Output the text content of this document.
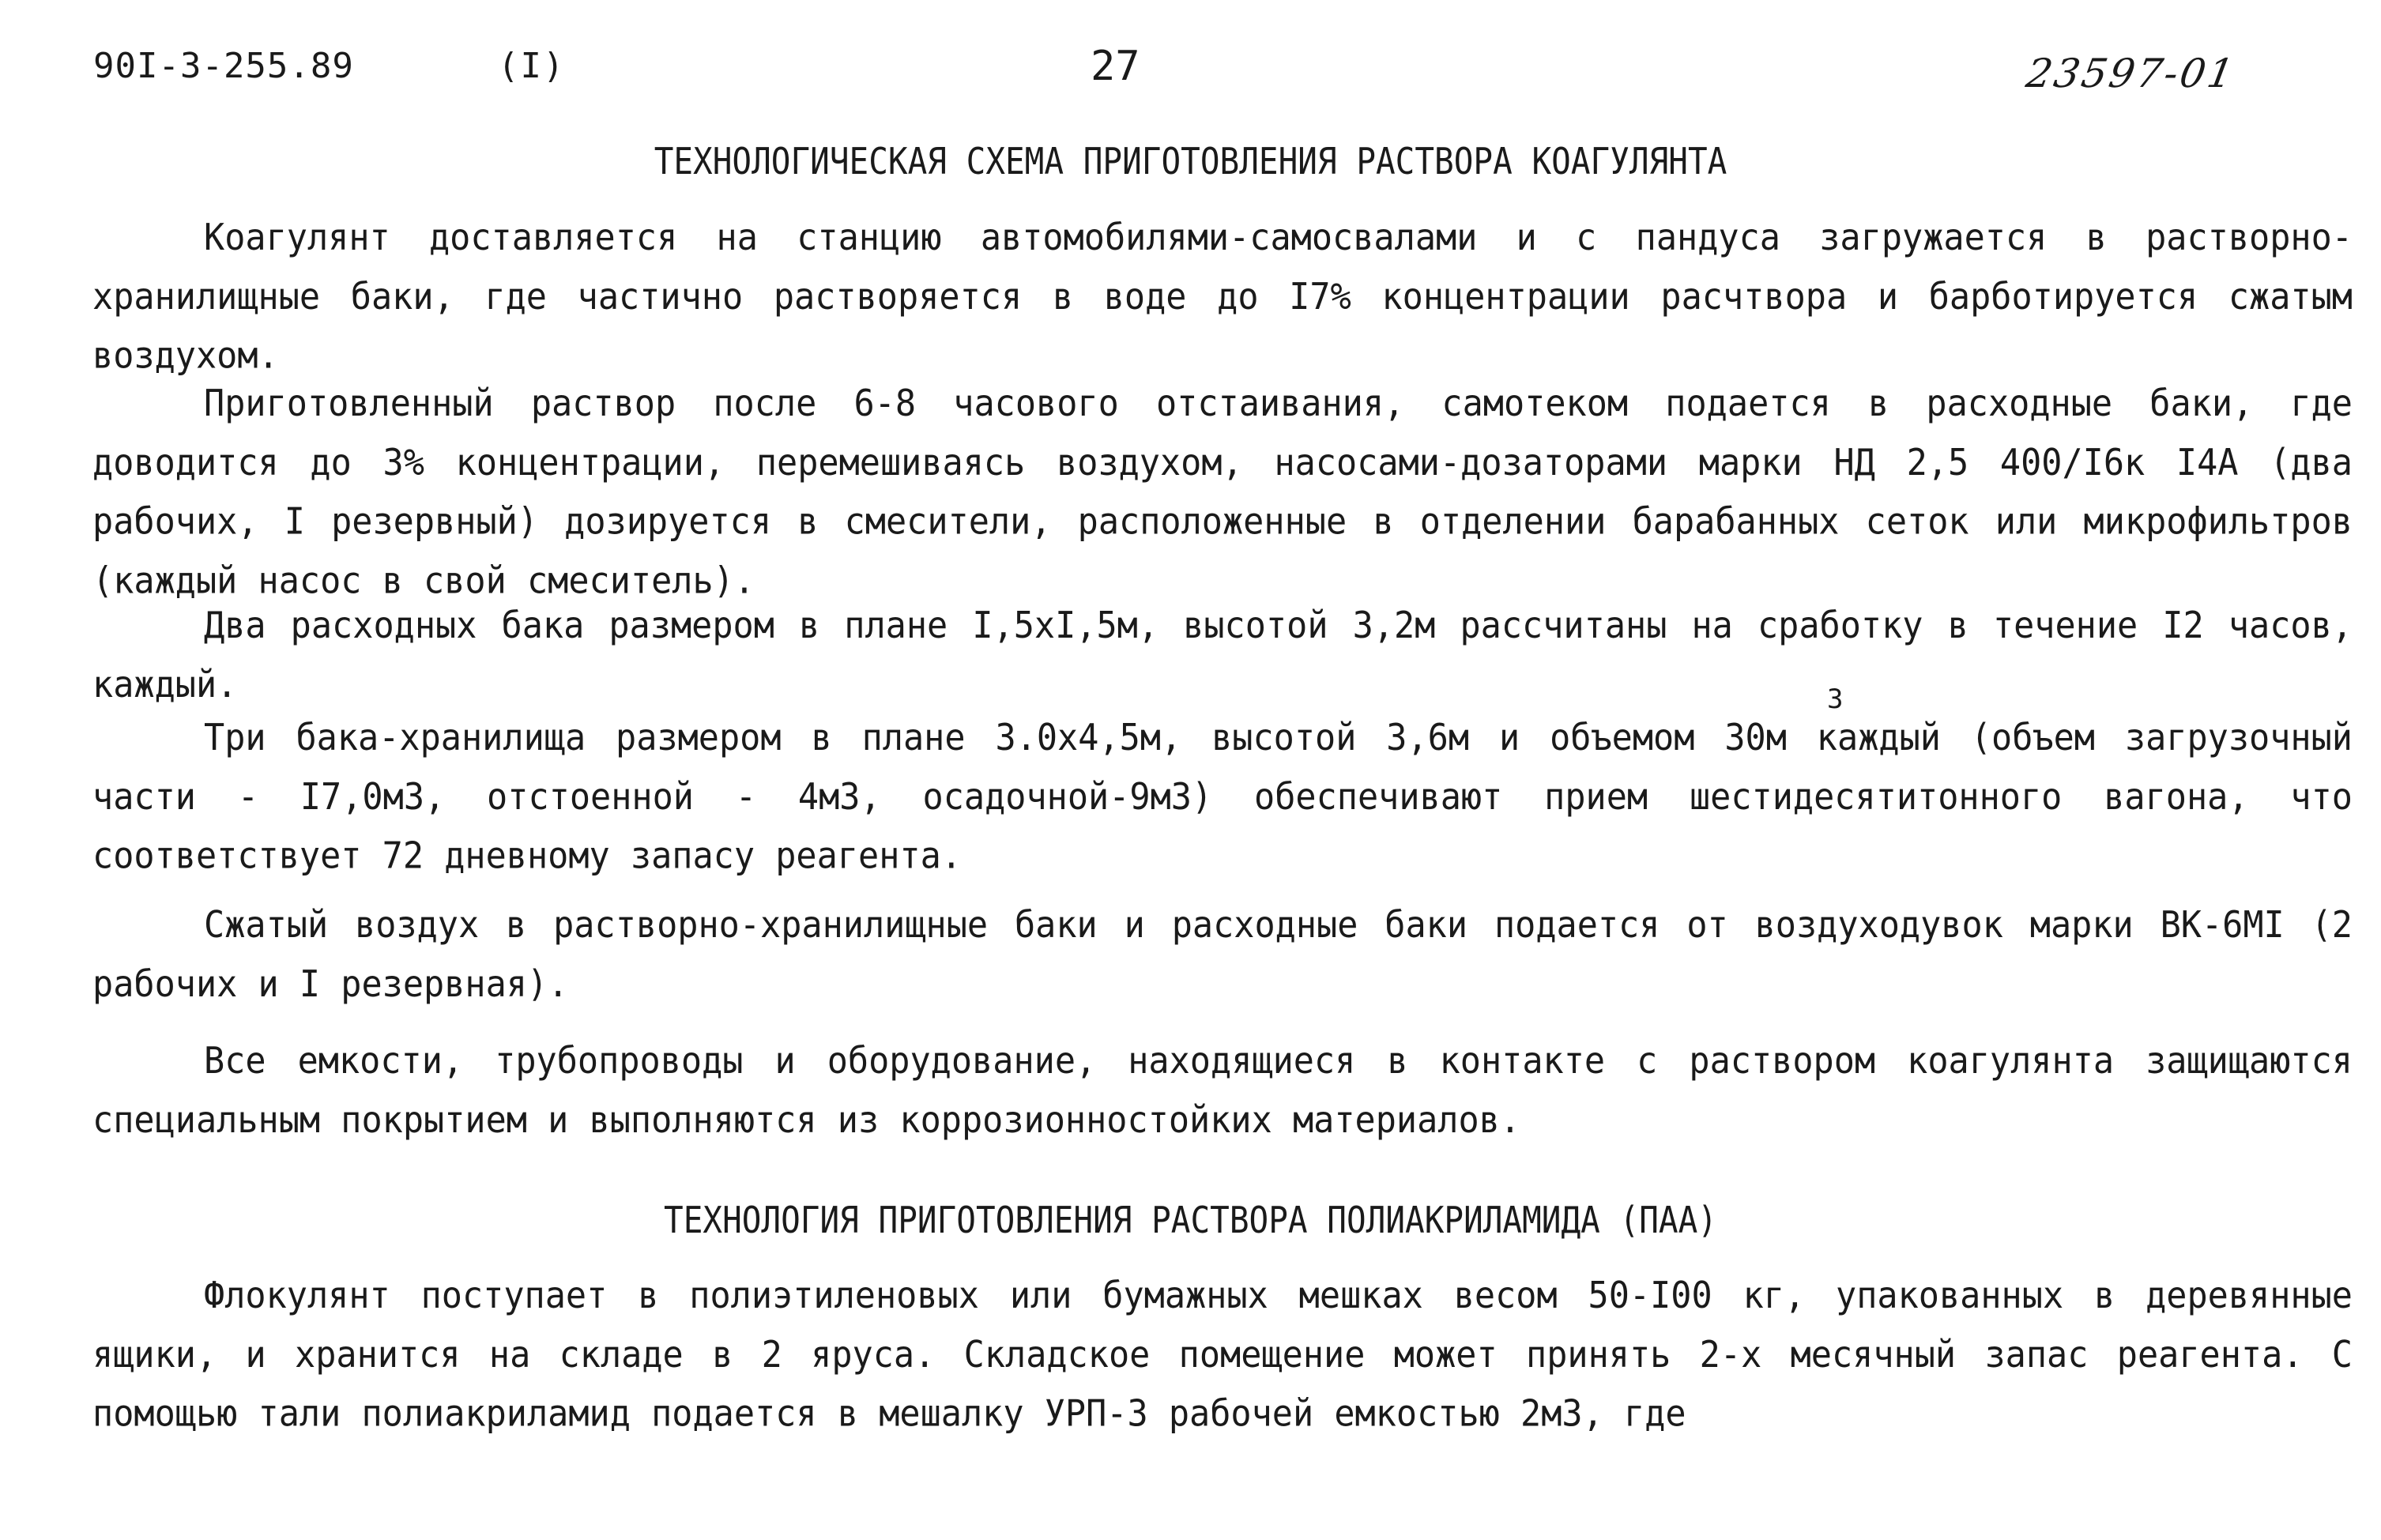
90I-3-255.89	(I)	27	23597-01
ТЕХНОЛОГИЧЕСКАЯ СХЕМА ПРИГОТОВЛЕНИЯ РАСТВОРА КОАГУЛЯНТА

Коагулянт доставляется на станцию автомобилями-самосвалами и с пандуса загружается в растворно-хранилищные баки, где частично растворяется в воде до I7% концентрации расчтвора и барботируется сжатым воздухом.

Приготовленный раствор после 6-8 часового отстаивания, самотеком подается в расходные баки, где доводится до 3% концентрации, перемешиваясь воздухом, насосами-дозаторами марки НД 2,5 400/I6к I4А (два рабочих, I резервный) дозируется в смесители, расположенные в отделении барабанных сеток или микрофильтров (каждый насос в свой смеситель).

Два расходных бака размером в плане I,5хI,5м, высотой 3,2м рассчитаны на сработку в течение I2 часов, каждый.	3

Три бака-хранилища размером в плане 3.0х4,5м, высотой 3,6м и объемом 30м каждый (объем загрузочный части - I7,0м3, отстоенной - 4м3, осадочной-9м3) обеспечивают прием шестидесятитонного вагона, что соответствует 72 дневному запасу реагента.

Сжатый воздух в растворно-хранилищные баки и расходные баки подается от воздуходувок марки ВК-6МI (2 рабочих и I резервная).

Все емкости, трубопроводы и оборудование, находящиеся в контакте с раствором коагулянта защищаются специальным покрытием и выполняются из коррозионностойких материалов.

ТЕХНОЛОГИЯ ПРИГОТОВЛЕНИЯ РАСТВОРА ПОЛИАКРИЛАМИДА (ПАА)

Флокулянт поступает в полиэтиленовых или бумажных мешках весом 50-I00 кг, упакованных в деревянные ящики, и хранится на складе в 2 яруса. Складское помещение может принять 2-х месячный запас реагента. С помощью тали полиакриламид подается в мешалку УРП-3 рабочей емкостью 2м3, где
